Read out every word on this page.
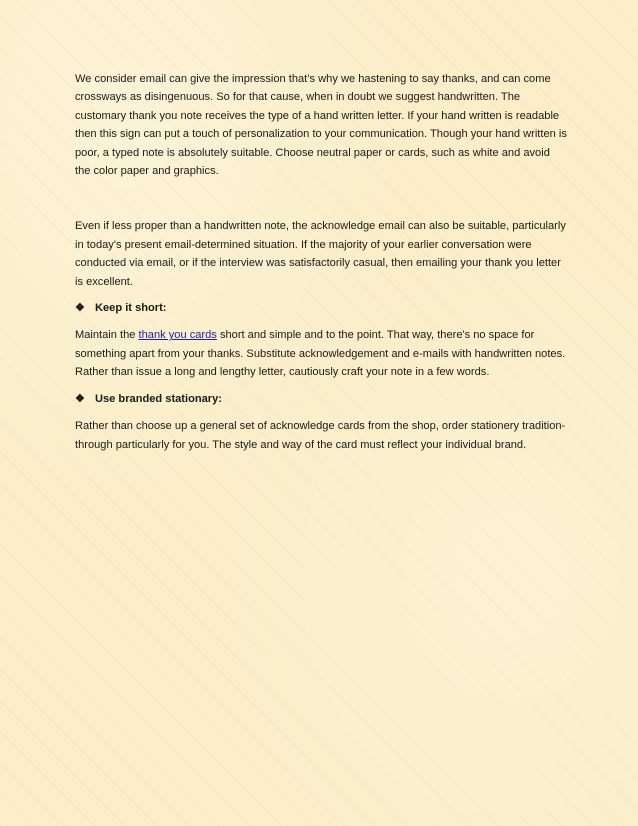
We consider email can give the impression that’s why we hastening to say thanks, and can come crossways as disingenuous. So for that cause, when in doubt we suggest handwritten. The customary thank you note receives the type of a hand written letter. If your hand written is readable then this sign can put a touch of personalization to your communication. Though your hand written is poor, a typed note is absolutely suitable. Choose neutral paper or cards, such as white and avoid the color paper and graphics.

Even if less proper than a handwritten note, the acknowledge email can also be suitable, particularly in today's present email-determined situation. If the majority of your earlier conversation were conducted via email, or if the interview was satisfactorily casual, then emailing your thank you letter is excellent.

❖ Keep it short:

Maintain the thank you cards short and simple and to the point. That way, there's no space for something apart from your thanks. Substitute acknowledgement and e-mails with handwritten notes. Rather than issue a long and lengthy letter, cautiously craft your note in a few words.

❖ Use branded stationary:

Rather than choose up a general set of acknowledge cards from the shop, order stationery tradition-through particularly for you. The style and way of the card must reflect your individual brand.
